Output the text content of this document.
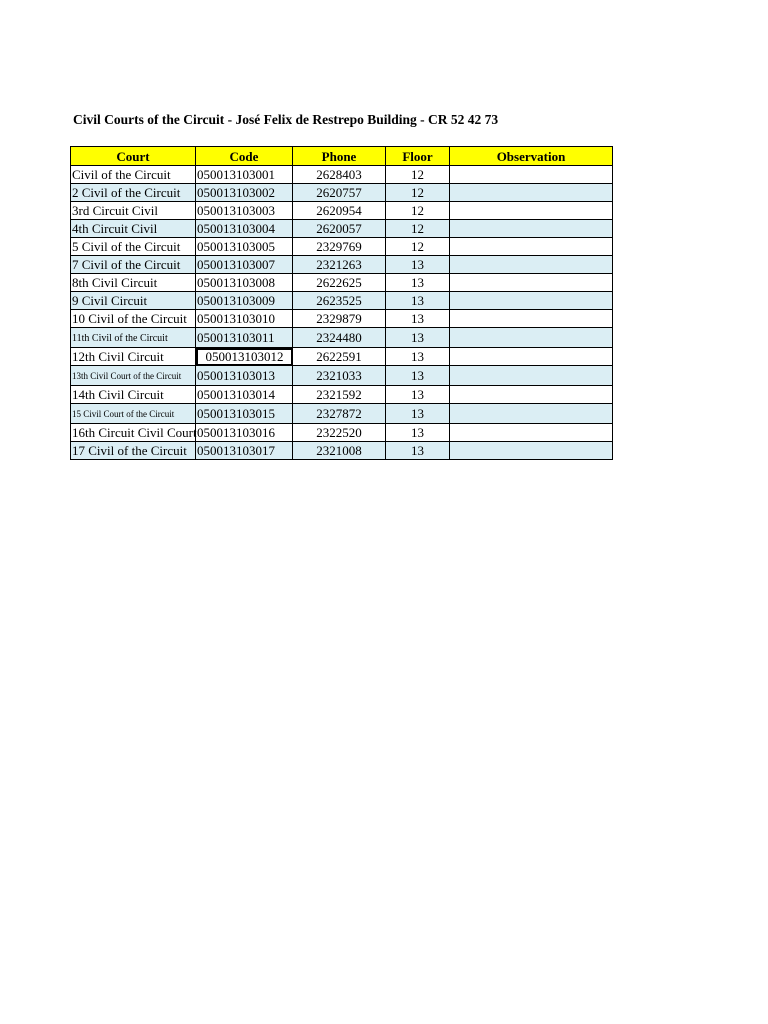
Civil Courts of the Circuit - José Felix de Restrepo Building - CR 52 42 73
Court	Code	Phone	Floor	Observation
Civil of the Circuit	050013103001	2628403	12	
2 Civil of the Circuit	050013103002	2620757	12	
3rd Circuit Civil	050013103003	2620954	12	
4th Circuit Civil	050013103004	2620057	12	
5 Civil of the Circuit	050013103005	2329769	12	
7 Civil of the Circuit	050013103007	2321263	13	
8th Civil Circuit	050013103008	2622625	13	
9 Civil Circuit	050013103009	2623525	13	
10 Civil of the Circuit	050013103010	2329879	13	
11th Civil of the Circuit	050013103011	2324480	13	
12th Civil Circuit	050013103012	2622591	13	
13th Civil Court of the Circuit	050013103013	2321033	13	
14th Civil Circuit	050013103014	2321592	13	
15 Civil Court of the Circuit	050013103015	2327872	13	
16th Circuit Civil Court	050013103016	2322520	13	
17 Civil of the Circuit	050013103017	2321008	13	
